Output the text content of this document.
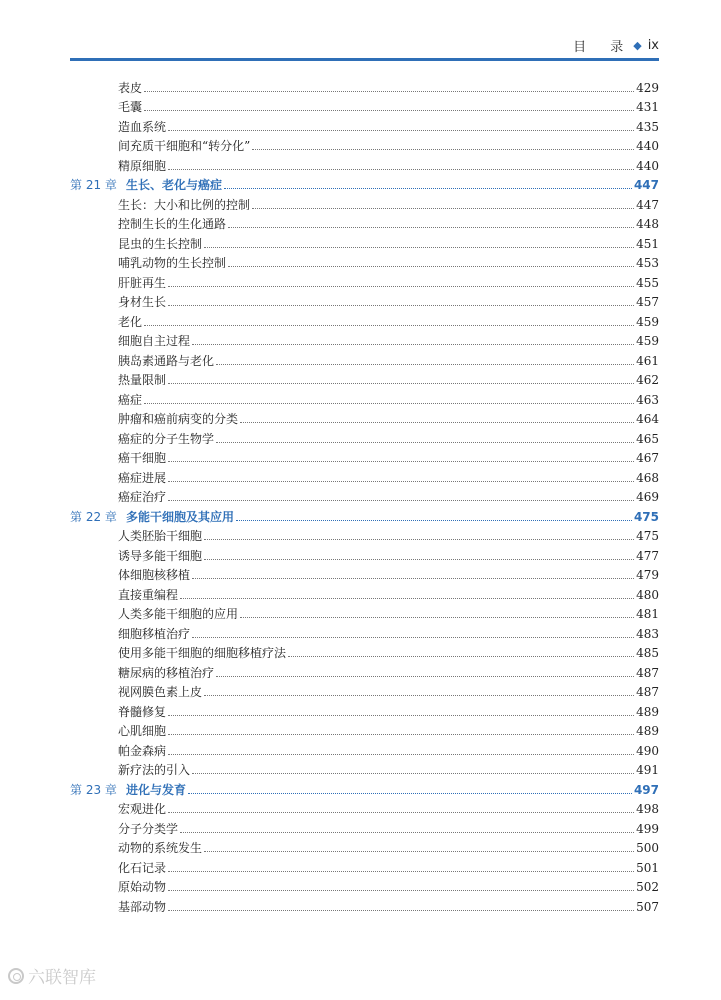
目 录 ◆ ix
表皮	429
毛囊	431
造血系统	435
间充质干细胞和“转分化”	440
精原细胞	440
第 21 章 生长、老化与癌症	447
生长：大小和比例的控制	447
控制生长的生化通路	448
昆虫的生长控制	451
哺乳动物的生长控制	453
肝脏再生	455
身材生长	457
老化	459
细胞自主过程	459
胰岛素通路与老化	461
热量限制	462
癌症	463
肿瘤和癌前病变的分类	464
癌症的分子生物学	465
癌干细胞	467
癌症进展	468
癌症治疗	469
第 22 章 多能干细胞及其应用	475
人类胚胎干细胞	475
诱导多能干细胞	477
体细胞核移植	479
直接重编程	480
人类多能干细胞的应用	481
细胞移植治疗	483
使用多能干细胞的细胞移植疗法	485
糖尿病的移植治疗	487
视网膜色素上皮	487
脊髓修复	489
心肌细胞	489
帕金森病	490
新疗法的引入	491
第 23 章 进化与发育	497
宏观进化	498
分子分类学	499
动物的系统发生	500
化石记录	501
原始动物	502
基部动物	507
六联智库
